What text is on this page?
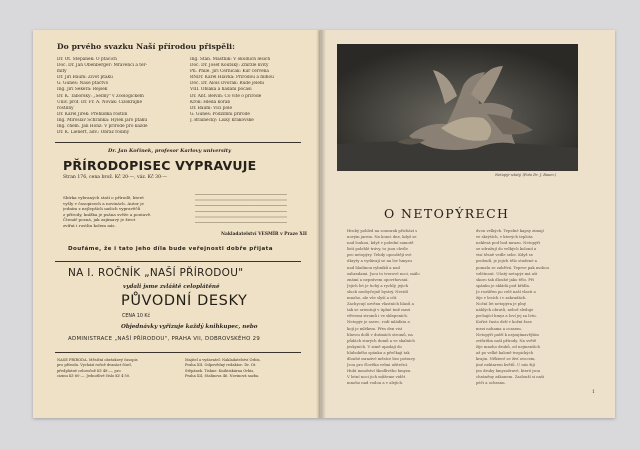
Do prvého svazku Naší přírodou přispěli:
Dr. Ot. Štěpánek: O ptácích
Doc. Dr. Jan Obenberger: Mravenci a ter-
mity
Dr. Jiří Baum: Život ptáků
G. Gunes: Naše ptactvo
Ing. Jiří Sekera: Rejsek
Dr. K. Táborský: „Šelmy" v Zoologickém
Univ. prof. Dr. Fr. A. Novák: Cizokrajné
rostliny
Dr. Karel Jírek: Přehlídka rostlin
Ing. Miroslav Schránka: Hýlek jaro ptáků
Ing. chem. Jan Honz: V přírodě pro každé
Dr. K. Lienert, adv.: Obraz rodiny
Ing. Stan. Mastník: V okolních lesích
Doc. Dr. Josef Koutský: Zmrzlé kvity
Ph. Phile. Jiří Černičák: Kur červená
RNDr. Karel Hlávka: Přírodou a mlhou
Doc. Dr. Alois Dvořák: Rudé jelení
VIII. Oblaka a hádání počasí
Dr. Ant. Bělvín: Co víte o přírodě
Krok: Hledá koráb
Dr. Baum: Vlčí pole
G. Gunes: Podzimní přírodě
J. Brainecký: Lišky krakovské
Dr. Jan Kořínek, profesor Karlovy university
PŘÍRODOPISEC VYPRAVUJE
Stran 176, cena brož. Kč 20·—, váz. Kč 30·—
Sbírka vybraných statí o přírodě, které
vyšly v časopisech a novinách. Autor je
jedním z nejlepších našich vypravěčů
z přírody, knížka je psána svěže a poutavě.
Čtenář pozná, jak zajímavý je život
zvířat i rostlin kolem nás.
Nakladatelství VESMÍR v Praze XII
Doufáme, že i tato jeho díla bude veřejnosti dobře přijata
NA I. ROČNÍK „NAŠÍ PŘÍRODOU"
vydali jsme zvláště celoplátěné
PŮVODNÍ DESKY
CENA 10 Kč
Objednávky vyřizuje každý knihkupec, nebo
ADMINISTRACE „NAŠÍ PŘÍRODOU", PRAHA VII, DOBROVSKÉHO 29
NAŠE PŘÍRODA. Měsíční obrázkový časopis
pro přírodu. Vychází ročně dvanáct čísel,
předplatné celoročně Kč 48·—, pro
cizinu Kč 60·—. Jednotlivé číslo Kč 4·50.
Majitel a vydavatel: Nakladatelství Orbis,
Praha XII. Odpovědný redaktor: Dr. Ot.
Štěpánek. Tiskne: Knihtiskárna Orbis,
Praha XII, Stalinova 46. Novinová sazba.
Netopýr ušatý. (Foto Dr. J. Baum.)
O NETOPÝRECH
Hrubý pohled na soumrak přichází s
novým jarem. Na konci dne, když se
nad loukou, když v polední samotě
listí polehlé trávy, to jsou chvíle
pro netopýry. Tehdy opouštějí své
úkryty a vydávají se na lov hmyzu
nad hladinou rybníků a nad
zahradami. Jsou to tvorové noci, málo
známí a neprávem opovrhovaní.
Jejich let je tichý a rychlý, jejich
sluch neobyčejně bystrý. Nevidí
mnoho, ale vše slyší a cítí.
Zachycují ozvěnu vlastních hlasů a
tak se orientují v úplné tmě mezi
větvemi stromů i ve sklepeních.
Netopýr je savec, rodí mláďata a
kojí je mlékem. Přes den visí
hlavou dolů v dutinách stromů, na
půdách starých domů a ve skalních
jeskyních. V zimě upadají do
hlubokého spánku a přečkají tak
dlouhé mrazivé měsíce bez potravy.
Jsou pro člověka velmi užiteční.
Hubí množství škodlivého hmyzu.
V letní noci jich můžeme vidět
mnoho nad vodou a v alejích.
dvou velkých. Tepelné kapsy zimují
ve skrýších, v kterých teplota
neklesá pod bod mrazu. Netopýři
se sdružují do velkých kolonií a
visí těsně vedle sebe. Když se
probudí, je jejich tělo studené a
pomalu se zahřívá. Teprve pak mohou
vzlétnout. Ušatý netopýr má uši
skoro tak dlouhé jako tělo. Při
spánku je skládá pod křídla.
Je rozšířen po celé naší vlasti a
žije v lesích i v zahradách.
Noční let netopýra je plný
náhlých obratů, neboť sleduje
prchající hmyz a loví jej za letu.
Kořist často drží v kožní řase
mezi nohama a ocasem.
Netopýři patří k nejzajímavějším
zvířatům naší přírody. Na světě
žije mnoho druhů, od nejmenších
až po velké kaloně tropických
krajin. Některé se živí ovocem,
jiné nektarem květů. U nás žijí
jen druhy hmyzožravé, které jsou
chráněny zákonem. Zaslouží si naši
péči a ochranu.
1
